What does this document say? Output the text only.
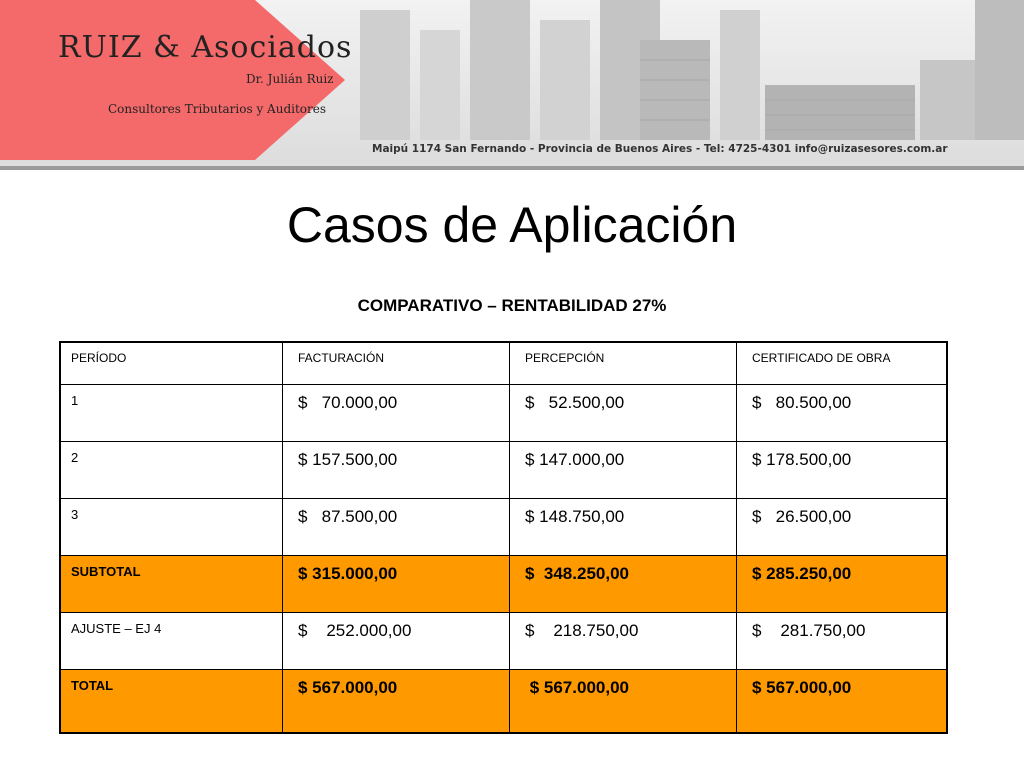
RUIZ & Asociados
Dr. Julián Ruiz
Consultores Tributarios y Auditores
Maipú 1174 San Fernando - Provincia de Buenos Aires - Tel: 4725-4301 info@ruizasesores.com.ar
Casos de Aplicación
COMPARATIVO – RENTABILIDAD 27%
PERÍODO	FACTURACIÓN	PERCEPCIÓN	CERTIFICADO DE OBRA
1	$   70.000,00	$   52.500,00	$   80.500,00
2	$ 157.500,00	$ 147.000,00	$ 178.500,00
3	$   87.500,00	$ 148.750,00	$   26.500,00
SUBTOTAL	$ 315.000,00	$  348.250,00	$ 285.250,00
AJUSTE – EJ 4	$    252.000,00	$    218.750,00	$    281.750,00
TOTAL	$ 567.000,00	$ 567.000,00	$ 567.000,00
